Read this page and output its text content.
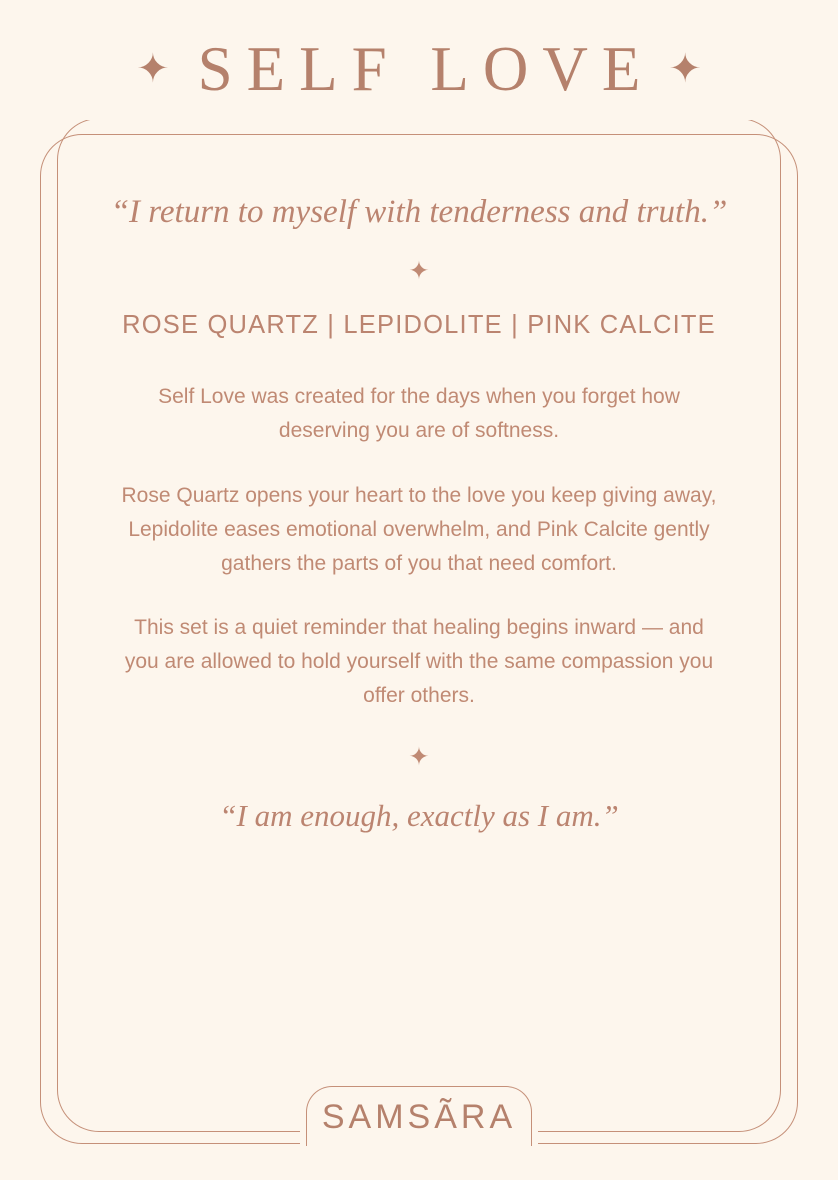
✦ SELF LOVE ✦
“I return to myself with tenderness and truth.”
✦
ROSE QUARTZ | LEPIDOLITE | PINK CALCITE
Self Love was created for the days when you forget how deserving you are of softness.
Rose Quartz opens your heart to the love you keep giving away, Lepidolite eases emotional overwhelm, and Pink Calcite gently gathers the parts of you that need comfort.
This set is a quiet reminder that healing begins inward — and you are allowed to hold yourself with the same compassion you offer others.
✦
“I am enough, exactly as I am.”
SAMSÃRA
